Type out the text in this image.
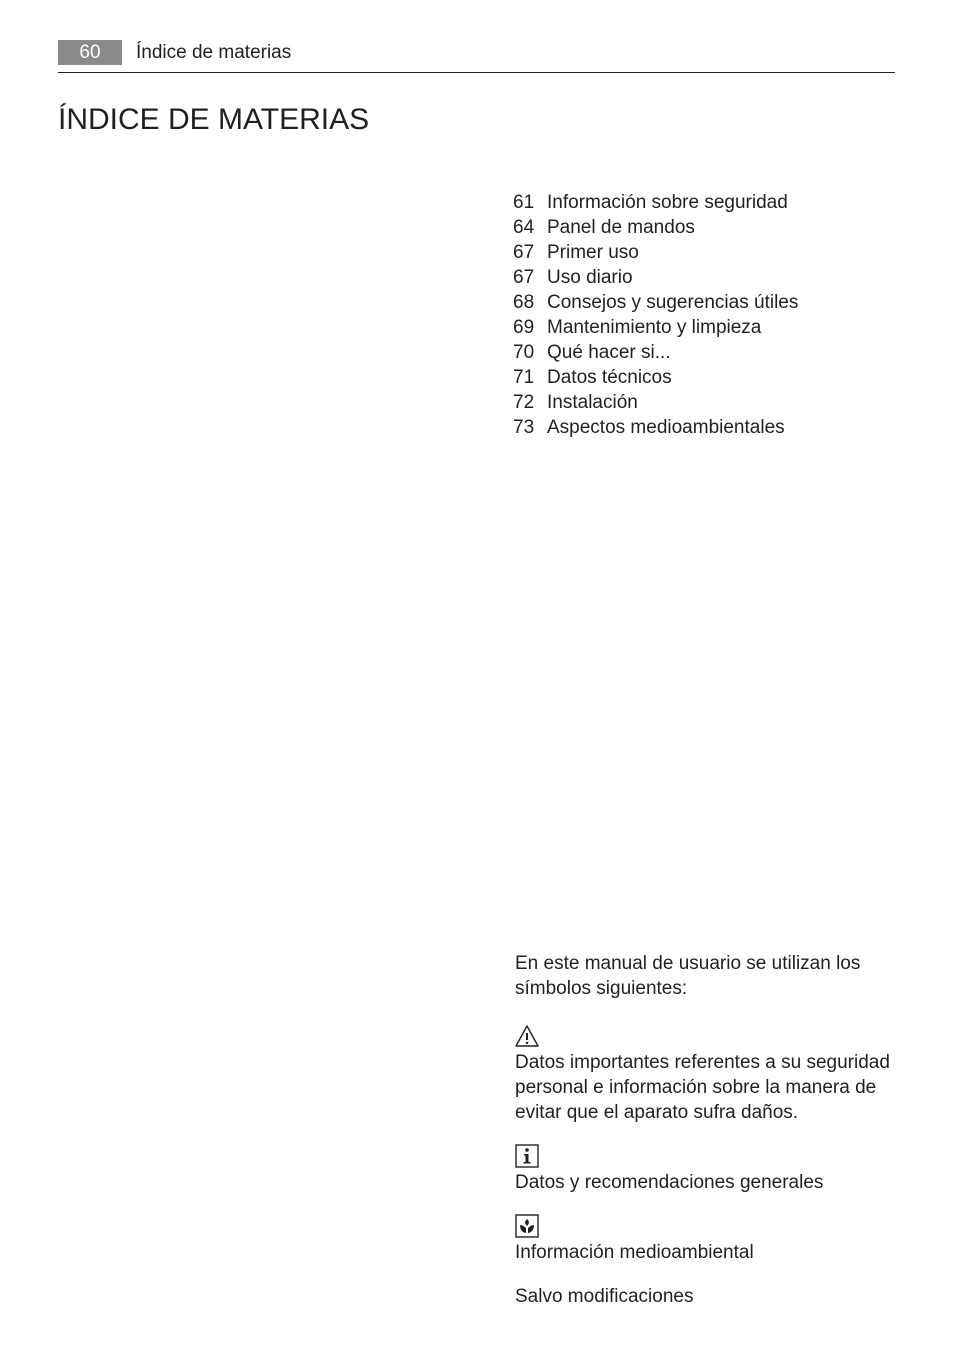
60	Índice de materias
ÍNDICE DE MATERIAS
61 Información sobre seguridad
64 Panel de mandos
67 Primer uso
67 Uso diario
68 Consejos y sugerencias útiles
69 Mantenimiento y limpieza
70 Qué hacer si...
71 Datos técnicos
72 Instalación
73 Aspectos medioambientales

En este manual de usuario se utilizan los símbolos siguientes:

Datos importantes referentes a su seguridad personal e información sobre la manera de evitar que el aparato sufra daños.

Datos y recomendaciones generales

Información medioambiental

Salvo modificaciones
